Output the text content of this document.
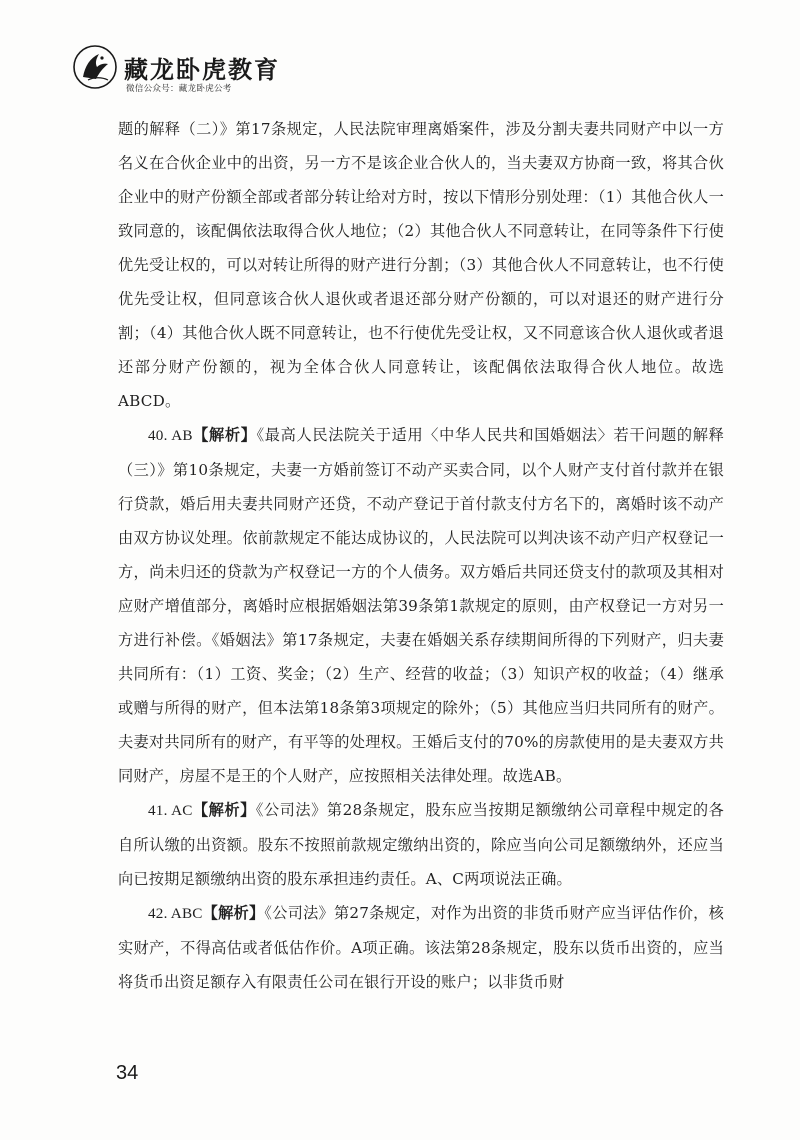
藏龙卧虎教育
微信公众号：藏龙卧虎公考

题的解释（二）》第17条规定，人民法院审理离婚案件，涉及分割夫妻共同财产中以一方名义在合伙企业中的出资，另一方不是该企业合伙人的，当夫妻双方协商一致，将其合伙企业中的财产份额全部或者部分转让给对方时，按以下情形分别处理：（1）其他合伙人一致同意的，该配偶依法取得合伙人地位；（2）其他合伙人不同意转让，在同等条件下行使优先受让权的，可以对转让所得的财产进行分割；（3）其他合伙人不同意转让，也不行使优先受让权，但同意该合伙人退伙或者退还部分财产份额的，可以对退还的财产进行分割；（4）其他合伙人既不同意转让，也不行使优先受让权，又不同意该合伙人退伙或者退还部分财产份额的，视为全体合伙人同意转让，该配偶依法取得合伙人地位。故选ABCD。

40. AB【解析】《最高人民法院关于适用〈中华人民共和国婚姻法〉若干问题的解释（三）》第10条规定，夫妻一方婚前签订不动产买卖合同，以个人财产支付首付款并在银行贷款，婚后用夫妻共同财产还贷，不动产登记于首付款支付方名下的，离婚时该不动产由双方协议处理。依前款规定不能达成协议的，人民法院可以判决该不动产归产权登记一方，尚未归还的贷款为产权登记一方的个人债务。双方婚后共同还贷支付的款项及其相对应财产增值部分，离婚时应根据婚姻法第39条第1款规定的原则，由产权登记一方对另一方进行补偿。《婚姻法》第17条规定，夫妻在婚姻关系存续期间所得的下列财产，归夫妻共同所有：（1）工资、奖金；（2）生产、经营的收益；（3）知识产权的收益；（4）继承或赠与所得的财产，但本法第18条第3项规定的除外；（5）其他应当归共同所有的财产。夫妻对共同所有的财产，有平等的处理权。王婚后支付的70%的房款使用的是夫妻双方共同财产，房屋不是王的个人财产，应按照相关法律处理。故选AB。

41. AC【解析】《公司法》第28条规定，股东应当按期足额缴纳公司章程中规定的各自所认缴的出资额。股东不按照前款规定缴纳出资的，除应当向公司足额缴纳外，还应当向已按期足额缴纳出资的股东承担违约责任。A、C两项说法正确。

42. ABC【解析】《公司法》第27条规定，对作为出资的非货币财产应当评估作价，核实财产，不得高估或者低估作价。A项正确。该法第28条规定，股东以货币出资的，应当将货币出资足额存入有限责任公司在银行开设的账户；以非货币财

34
